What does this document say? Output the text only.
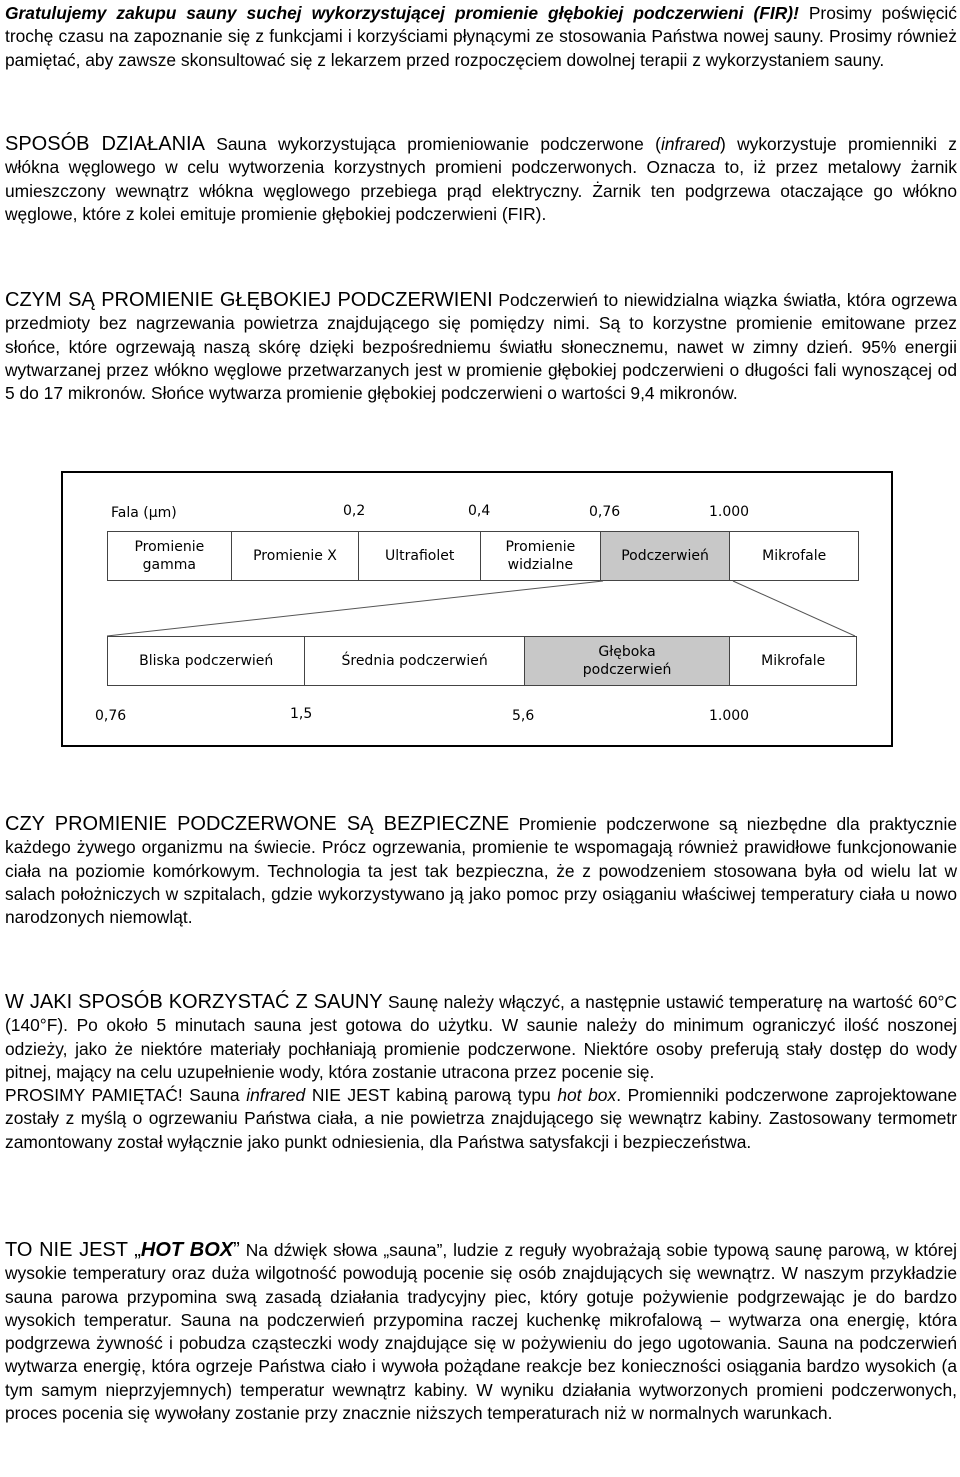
Gratulujemy zakupu sauny suchej wykorzystującej promienie głębokiej podczerwieni (FIR)! Prosimy poświęcić trochę czasu na zapoznanie się z funkcjami i korzyściami płynącymi ze stosowania Państwa nowej sauny. Prosimy również pamiętać, aby zawsze skonsultować się z lekarzem przed rozpoczęciem dowolnej terapii z wykorzystaniem sauny.

SPOSÓB DZIAŁANIA Sauna wykorzystująca promieniowanie podczerwone (infrared) wykorzystuje promienniki z włókna węglowego w celu wytworzenia korzystnych promieni podczerwonych. Oznacza to, iż przez metalowy żarnik umieszczony wewnątrz włókna węglowego przebiega prąd elektryczny. Żarnik ten podgrzewa otaczające go włókno węglowe, które z kolei emituje promienie głębokiej podczerwieni (FIR).

CZYM SĄ PROMIENIE GŁĘBOKIEJ PODCZERWIENI Podczerwień to niewidzialna wiązka światła, która ogrzewa przedmioty bez nagrzewania powietrza znajdującego się pomiędzy nimi. Są to korzystne promienie emitowane przez słońce, które ogrzewają naszą skórę dzięki bezpośredniemu światłu słonecznemu, nawet w zimny dzień. 95% energii wytwarzanej przez włókno węglowe przetwarzanych jest w promienie głębokiej podczerwieni o długości fali wynoszącej od 5 do 17 mikronów. Słońce wytwarza promienie głębokiej podczerwieni o wartości 9,4 mikronów.

CZY PROMIENIE PODCZERWONE SĄ BEZPIECZNE Promienie podczerwone są niezbędne dla praktycznie każdego żywego organizmu na świecie. Prócz ogrzewania, promienie te wspomagają również prawidłowe funkcjonowanie ciała na poziomie komórkowym. Technologia ta jest tak bezpieczna, że z powodzeniem stosowana była od wielu lat w salach położniczych w szpitalach, gdzie wykorzystywano ją jako pomoc przy osiąganiu właściwej temperatury ciała u nowo narodzonych niemowląt.

W JAKI SPOSÓB KORZYSTAĆ Z SAUNY Saunę należy włączyć, a następnie ustawić temperaturę na wartość 60°C (140°F). Po około 5 minutach sauna jest gotowa do użytku. W saunie należy do minimum ograniczyć ilość noszonej odzieży, jako że niektóre materiały pochłaniają promienie podczerwone. Niektóre osoby preferują stały dostęp do wody pitnej, mający na celu uzupełnienie wody, która zostanie utracona przez pocenie się.
PROSIMY PAMIĘTAĆ! Sauna infrared NIE JEST kabiną parową typu hot box. Promienniki podczerwone zaprojektowane zostały z myślą o ogrzewaniu Państwa ciała, a nie powietrza znajdującego się wewnątrz kabiny. Zastosowany termometr zamontowany został wyłącznie jako punkt odniesienia, dla Państwa satysfakcji i bezpieczeństwa.

TO NIE JEST „HOT BOX” Na dźwięk słowa „sauna”, ludzie z reguły wyobrażają sobie typową saunę parową, w której wysokie temperatury oraz duża wilgotność powodują pocenie się osób znajdujących się wewnątrz. W naszym przykładzie sauna parowa przypomina swą zasadą działania tradycyjny piec, który gotuje pożywienie podgrzewając je do bardzo wysokich temperatur. Sauna na podczerwień przypomina raczej kuchenkę mikrofalową – wytwarza ona energię, która podgrzewa żywność i pobudza cząsteczki wody znajdujące się w pożywieniu do jego ugotowania. Sauna na podczerwień wytwarza energię, która ogrzeje Państwa ciało i wywoła pożądane reakcje bez konieczności osiągania bardzo wysokich (a tym samym nieprzyjemnych) temperatur wewnątrz kabiny. W wyniku działania wytworzonych promieni podczerwonych, proces pocenia się wywołany zostanie przy znacznie niższych temperaturach niż w normalnych warunkach.

Fala (µm)	0,2	0,4	0,76	1.000
Promienie gamma
Promienie X	Ultrafiolet
Promienie widzialne
Podczerwień	Mikrofale
Bliska podczerwień	Średnia podczerwień
Głęboka podczerwień
Mikrofale
0,76	1,5	5,6	1.000
